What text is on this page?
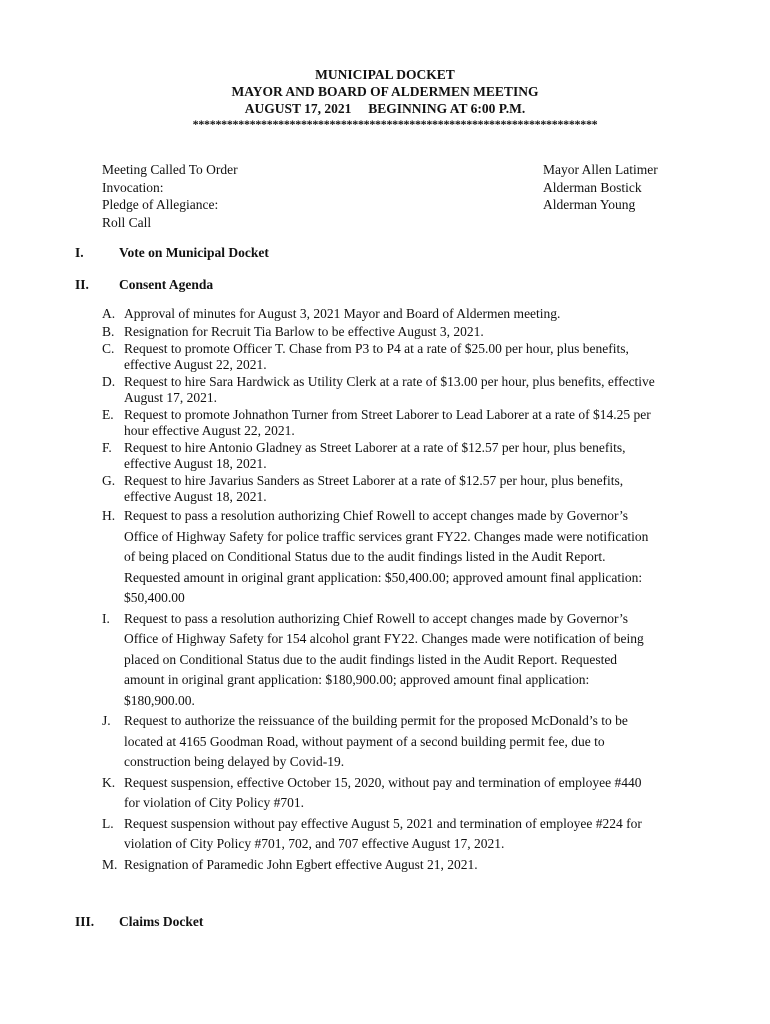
MUNICIPAL DOCKET
MAYOR AND BOARD OF ALDERMEN MEETING
AUGUST 17, 2021     BEGINNING AT 6:00 P.M.
***********************************************************************
Meeting Called To Order
Invocation:
Pledge of Allegiance:
Roll Call
Mayor Allen Latimer
Alderman Bostick
Alderman Young
I.	Vote on Municipal Docket
II. Consent Agenda
A. Approval of minutes for August 3, 2021 Mayor and Board of Aldermen meeting.
B. Resignation for Recruit Tia Barlow to be effective August 3, 2021.
C. Request to promote Officer T. Chase from P3 to P4 at a rate of $25.00 per hour, plus benefits,
effective August 22, 2021.
D. Request to hire Sara Hardwick as Utility Clerk at a rate of $13.00 per hour, plus benefits, effective
August 17, 2021.
E. Request to promote Johnathon Turner from Street Laborer to Lead Laborer at a rate of $14.25 per
hour effective August 22, 2021.
F. Request to hire Antonio Gladney as Street Laborer at a rate of $12.57 per hour, plus benefits,
effective August 18, 2021.
G. Request to hire Javarius Sanders as Street Laborer at a rate of $12.57 per hour, plus benefits,
effective August 18, 2021.
H. Request to pass a resolution authorizing Chief Rowell to accept changes made by Governor’s
Office of Highway Safety for police traffic services grant FY22. Changes made were notification
of being placed on Conditional Status due to the audit findings listed in the Audit Report.
Requested amount in original grant application: $50,400.00; approved amount final application:
$50,400.00
I.	Request to pass a resolution authorizing Chief Rowell to accept changes made by Governor’s
Office of Highway Safety for 154 alcohol grant FY22. Changes made were notification of being
placed on Conditional Status due to the audit findings listed in the Audit Report. Requested
amount in original grant application: $180,900.00; approved amount final application:
$180,900.00.
J. Request to authorize the reissuance of the building permit for the proposed McDonald’s to be
located at 4165 Goodman Road, without payment of a second building permit fee, due to
construction being delayed by Covid-19.
K. Request suspension, effective October 15, 2020, without pay and termination of employee #440
for violation of City Policy #701.
L. Request suspension without pay effective August 5, 2021 and termination of employee #224 for
violation of City Policy #701, 702, and 707 effective August 17, 2021.
M. Resignation of Paramedic John Egbert effective August 21, 2021.
III. Claims Docket
